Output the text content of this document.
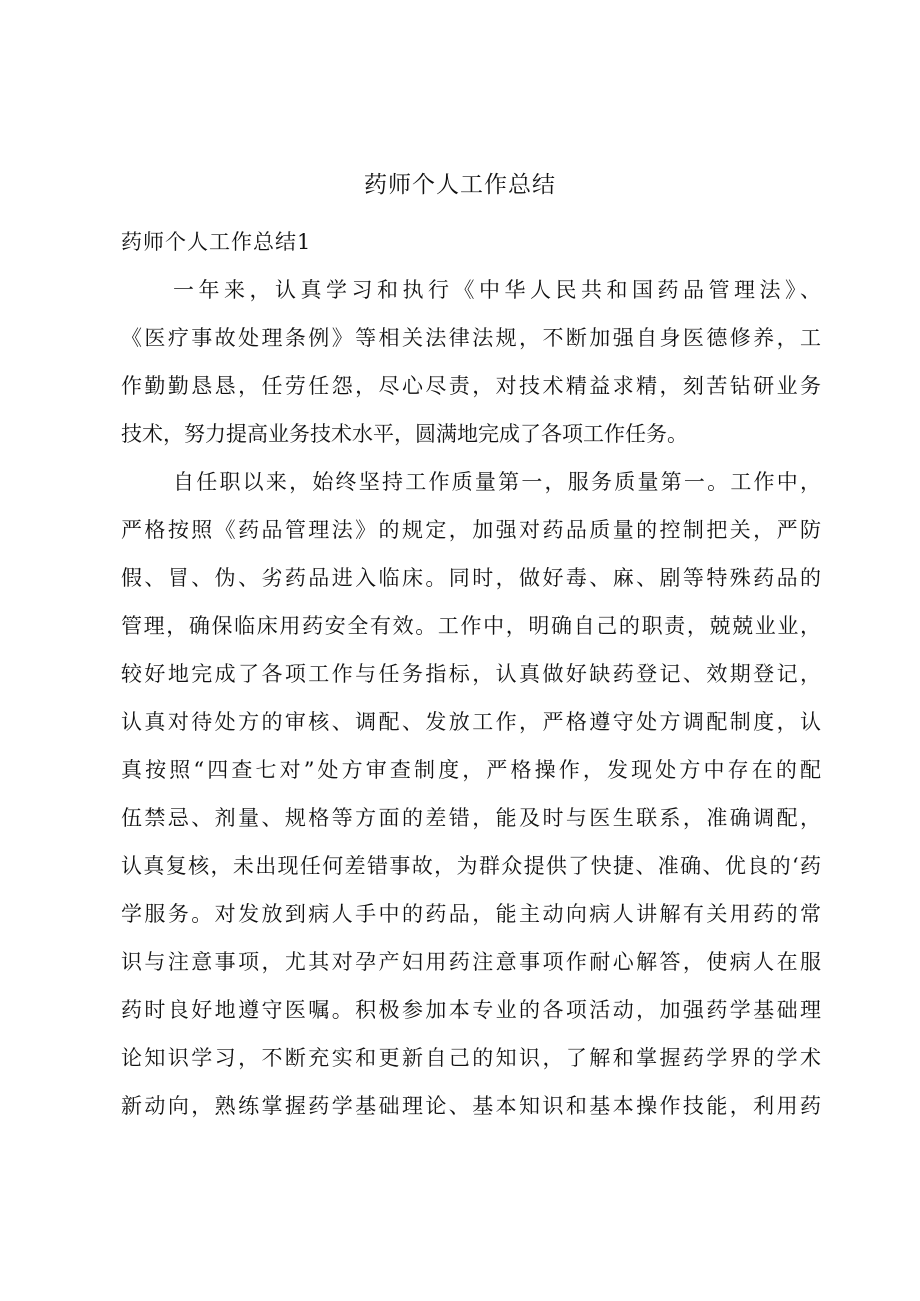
药师个人工作总结
药师个人工作总结1
一年来，认真学习和执行《中华人民共和国药品管理法》、
《医疗事故处理条例》等相关法律法规，不断加强自身医德修养，工
作勤勤恳恳，任劳任怨，尽心尽责，对技术精益求精，刻苦钻研业务
技术，努力提高业务技术水平，圆满地完成了各项工作任务。
自任职以来，始终坚持工作质量第一，服务质量第一。工作中，
严格按照《药品管理法》的规定，加强对药品质量的控制把关，严防
假、冒、伪、劣药品进入临床。同时，做好毒、麻、剧等特殊药品的
管理，确保临床用药安全有效。工作中，明确自己的职责，兢兢业业，
较好地完成了各项工作与任务指标，认真做好缺药登记、效期登记，
认真对待处方的审核、调配、发放工作，严格遵守处方调配制度，认
真按照“四查七对”处方审查制度，严格操作，发现处方中存在的配
伍禁忌、剂量、规格等方面的差错，能及时与医生联系，准确调配，
认真复核，未出现任何差错事故，为群众提供了快捷、准确、优良的‘药
学服务。对发放到病人手中的药品，能主动向病人讲解有关用药的常
识与注意事项，尤其对孕产妇用药注意事项作耐心解答，使病人在服
药时良好地遵守医嘱。积极参加本专业的各项活动，加强药学基础理
论知识学习，不断充实和更新自己的知识，了解和掌握药学界的学术
新动向，熟练掌握药学基础理论、基本知识和基本操作技能，利用药
